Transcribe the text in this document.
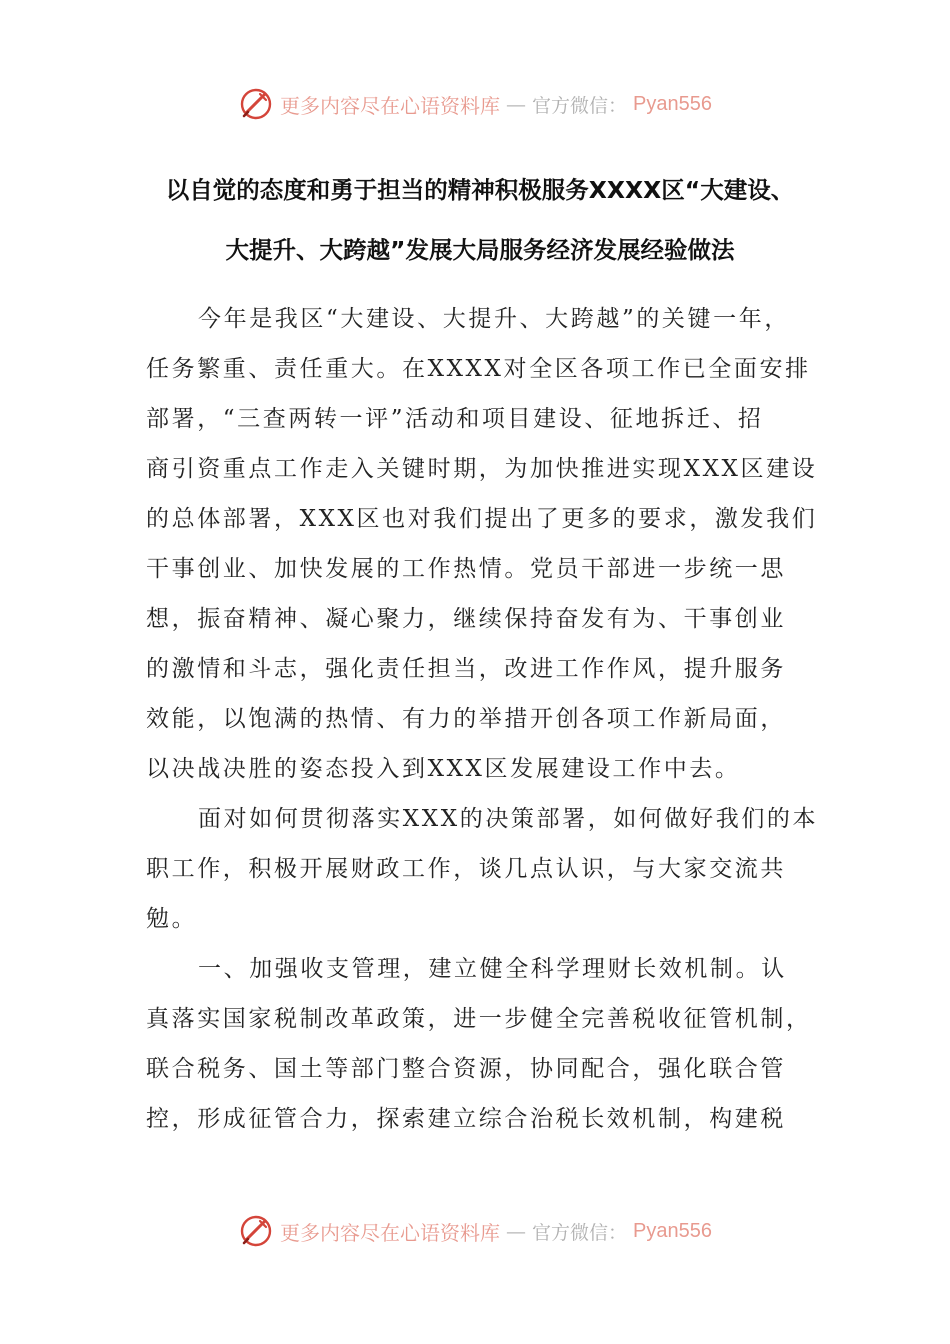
更多内容尽在心语资料库 — 官方微信： Pyan556
以自觉的态度和勇于担当的精神积极服务XXXX区“大建设、
大提升、大跨越”发展大局服务经济发展经验做法
今年是我区“大建设、大提升、大跨越”的关键一年，
任务繁重、责任重大。在XXXX对全区各项工作已全面安排
部署，“三查两转一评”活动和项目建设、征地拆迁、招
商引资重点工作走入关键时期，为加快推进实现XXX区建设
的总体部署，XXX区也对我们提出了更多的要求，激发我们
干事创业、加快发展的工作热情。党员干部进一步统一思
想，振奋精神、凝心聚力，继续保持奋发有为、干事创业
的激情和斗志，强化责任担当，改进工作作风，提升服务
效能，以饱满的热情、有力的举措开创各项工作新局面，
以决战决胜的姿态投入到XXX区发展建设工作中去。
面对如何贯彻落实XXX的决策部署，如何做好我们的本
职工作，积极开展财政工作，谈几点认识，与大家交流共
勉。
一、加强收支管理，建立健全科学理财长效机制。认
真落实国家税制改革政策，进一步健全完善税收征管机制，
联合税务、国土等部门整合资源，协同配合，强化联合管
控，形成征管合力，探索建立综合治税长效机制，构建税
更多内容尽在心语资料库 — 官方微信： Pyan556
